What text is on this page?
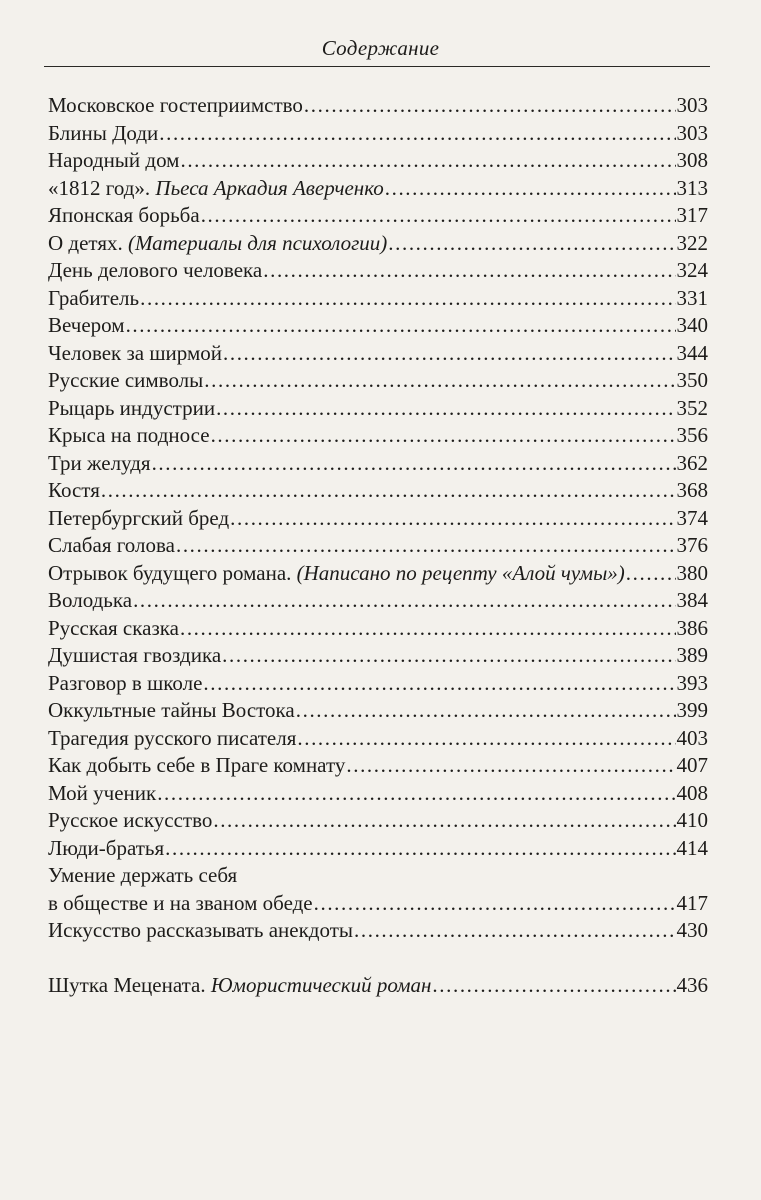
Содержание
Московское гостеприимство .....	303
Блины Доди .....	303
Народный дом .....	308
«1812 год». Пьеса Аркадия Аверченко .....	313
Японская борьба .....	317
О детях. (Материалы для психологии) .....	322
День делового человека .....	324
Грабитель .....	331
Вечером .....	340
Человек за ширмой .....	344
Русские символы .....	350
Рыцарь индустрии .....	352
Крыса на подносе .....	356
Три желудя .....	362
Костя .....	368
Петербургский бред .....	374
Слабая голова .....	376
Отрывок будущего романа. (Написано по рецепту «Алой чумы») ..... 380
Володька .....	384
Русская сказка .....	386
Душистая гвоздика .....	389
Разговор в школе .....	393
Оккультные тайны Востока .....	399
Трагедия русского писателя .....	403
Как добыть себе в Праге комнату .....	407
Мой ученик .....	408
Русское искусство .....	410
Люди-братья .....	414
Умение держать себя
в обществе и на званом обеде .....	417
Искусство рассказывать анекдоты .....	430
Шутка Мецената. Юмористический роман .....	436
